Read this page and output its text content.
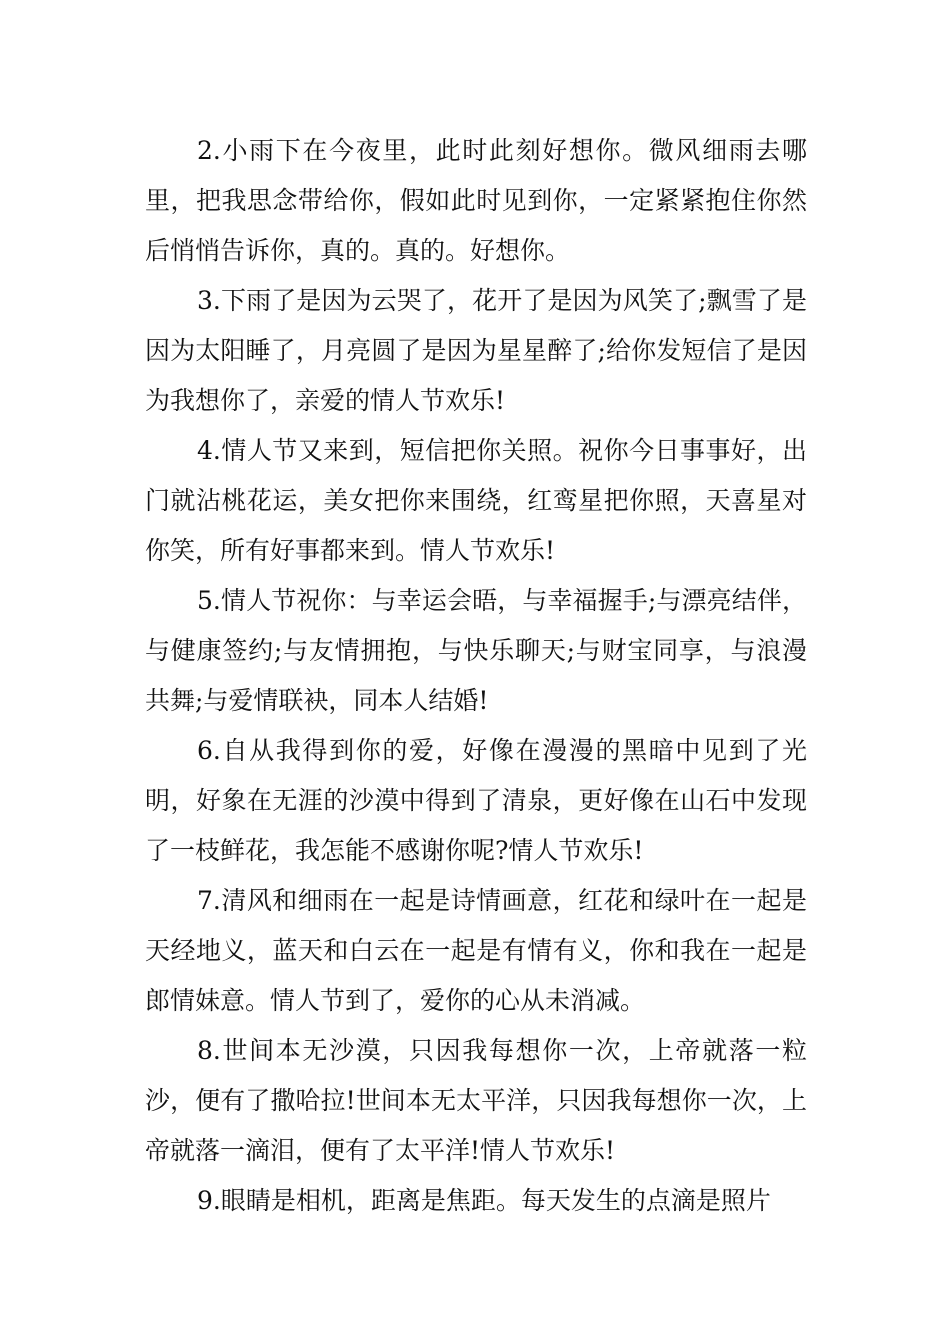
2.小雨下在今夜里，此时此刻好想你。微风细雨去哪里，把我思念带给你，假如此时见到你，一定紧紧抱住你然后悄悄告诉你，真的。真的。好想你。

3.下雨了是因为云哭了，花开了是因为风笑了;飘雪了是因为太阳睡了，月亮圆了是因为星星醉了;给你发短信了是因为我想你了，亲爱的情人节欢乐!

4.情人节又来到，短信把你关照。祝你今日事事好，出门就沾桃花运，美女把你来围绕，红鸾星把你照，天喜星对你笑，所有好事都来到。情人节欢乐!

5.情人节祝你：与幸运会晤，与幸福握手;与漂亮结伴，与健康签约;与友情拥抱，与快乐聊天;与财宝同享，与浪漫共舞;与爱情联袂，同本人结婚!

6.自从我得到你的爱，好像在漫漫的黑暗中见到了光明，好象在无涯的沙漠中得到了清泉，更好像在山石中发现了一枝鲜花，我怎能不感谢你呢?情人节欢乐!

7.清风和细雨在一起是诗情画意，红花和绿叶在一起是天经地义，蓝天和白云在一起是有情有义，你和我在一起是郎情妹意。情人节到了，爱你的心从未消减。

8.世间本无沙漠，只因我每想你一次，上帝就落一粒沙，便有了撒哈拉!世间本无太平洋，只因我每想你一次，上帝就落一滴泪，便有了太平洋!情人节欢乐!

9.眼睛是相机，距离是焦距。每天发生的点滴是照片
